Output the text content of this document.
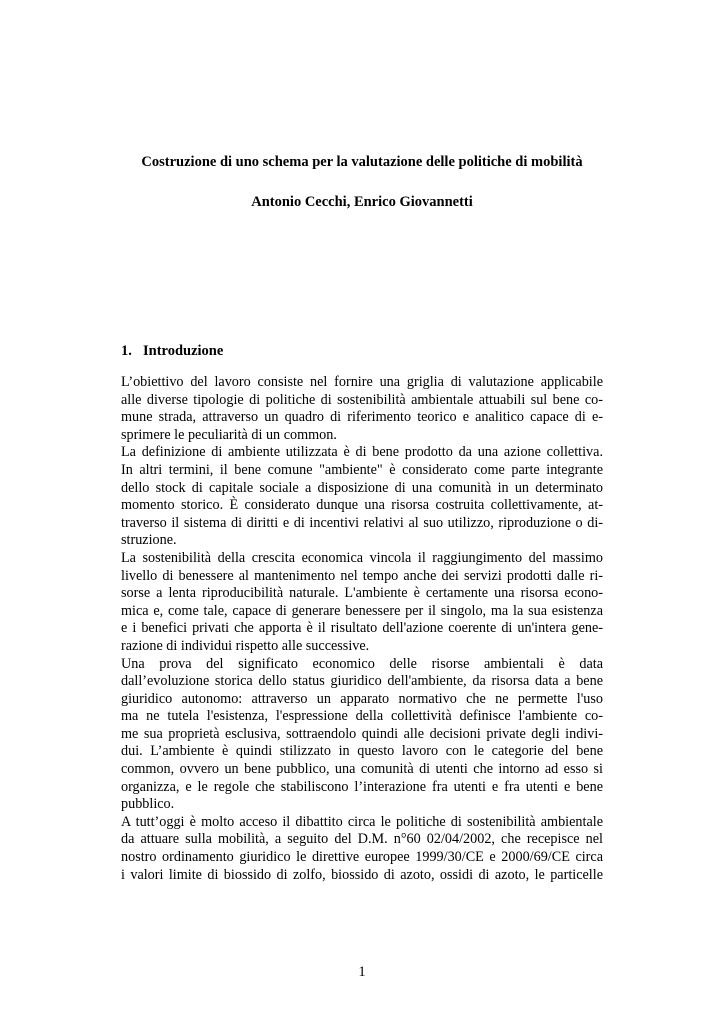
Costruzione di uno schema per la valutazione delle politiche di mobilità
Antonio Cecchi, Enrico Giovannetti
1. Introduzione
L’obiettivo del lavoro consiste nel fornire una griglia di valutazione applicabile
alle diverse tipologie di politiche di sostenibilità ambientale attuabili sul bene co-
mune strada, attraverso un quadro di riferimento teorico e analitico capace di e-
sprimere le peculiarità di un common.
La definizione di ambiente utilizzata è di bene prodotto da una azione collettiva.
In altri termini, il bene comune "ambiente" è considerato come parte integrante
dello stock di capitale sociale a disposizione di una comunità in un determinato
momento storico. È considerato dunque una risorsa costruita collettivamente, at-
traverso il sistema di diritti e di incentivi relativi al suo utilizzo, riproduzione o di-
struzione.
La sostenibilità della crescita economica vincola il raggiungimento del massimo
livello di benessere al mantenimento nel tempo anche dei servizi prodotti dalle ri-
sorse a lenta riproducibilità naturale. L'ambiente è certamente una risorsa econo-
mica e, come tale, capace di generare benessere per il singolo, ma la sua esistenza
e i benefici privati che apporta è il risultato dell'azione coerente di un'intera gene-
razione di individui rispetto alle successive.
Una prova del significato economico delle risorse ambientali è data
dall’evoluzione storica dello status giuridico dell'ambiente, da risorsa data a bene
giuridico autonomo: attraverso un apparato normativo che ne permette l'uso
ma ne tutela l'esistenza, l'espressione della collettività definisce l'ambiente co-
me sua proprietà esclusiva, sottraendolo quindi alle decisioni private degli indivi-
dui. L’ambiente è quindi stilizzato in questo lavoro con le categorie del bene
common, ovvero un bene pubblico, una comunità di utenti che intorno ad esso si
organizza, e le regole che stabiliscono l’interazione fra utenti e fra utenti e bene
pubblico.
A tutt’oggi è molto acceso il dibattito circa le politiche di sostenibilità ambientale
da attuare sulla mobilità, a seguito del D.M. n°60 02/04/2002, che recepisce nel
nostro ordinamento giuridico le direttive europee 1999/30/CE e 2000/69/CE circa
i valori limite di biossido di zolfo, biossido di azoto, ossidi di azoto, le particelle
1
